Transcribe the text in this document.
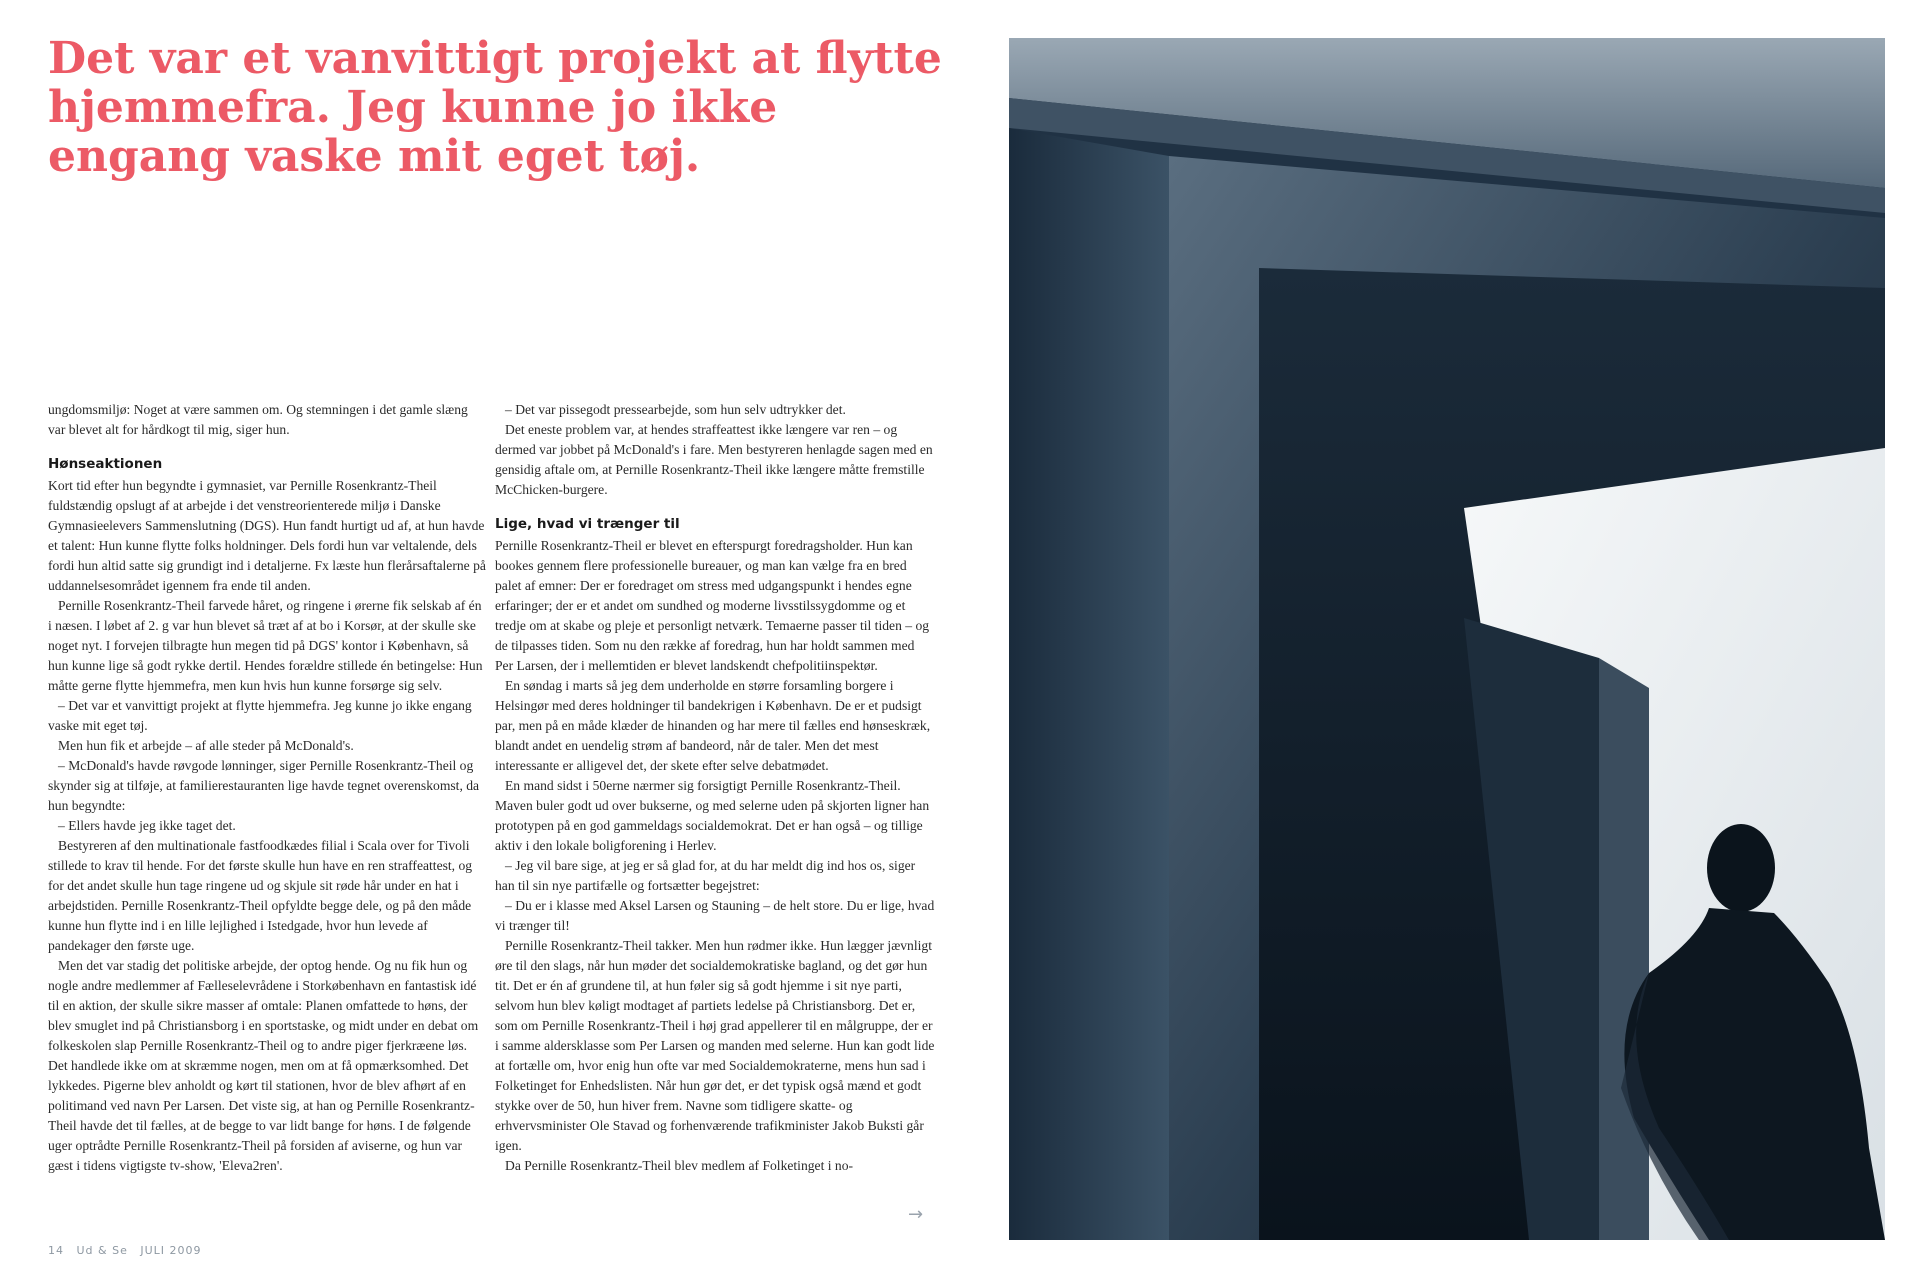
Det var et vanvittigt projekt at flytte hjemmefra. Jeg kunne jo ikke engang vaske mit eget tøj.

ungdomsmiljø: Noget at være sammen om. Og stemningen i det gamle slæng var blevet alt for hårdkogt til mig, siger hun.

Hønseaktionen

Kort tid efter hun begyndte i gymnasiet, var Pernille Rosenkrantz-Theil fuldstændig opslugt af at arbejde i det venstreorienterede miljø i Danske Gymnasieelevers Sammenslutning (DGS). Hun fandt hurtigt ud af, at hun havde et talent: Hun kunne flytte folks holdninger. Dels fordi hun var veltalende, dels fordi hun altid satte sig grundigt ind i detaljerne. Fx læste hun flerårsaftalerne på uddannelsesområdet igennem fra ende til anden.

Pernille Rosenkrantz-Theil farvede håret, og ringene i ørerne fik selskab af én i næsen. I løbet af 2. g var hun blevet så træt af at bo i Korsør, at der skulle ske noget nyt. I forvejen tilbragte hun megen tid på DGS' kontor i København, så hun kunne lige så godt rykke dertil. Hendes forældre stillede én betingelse: Hun måtte gerne flytte hjemmefra, men kun hvis hun kunne forsørge sig selv.

– Det var et vanvittigt projekt at flytte hjemmefra. Jeg kunne jo ikke engang vaske mit eget tøj.

Men hun fik et arbejde – af alle steder på McDonald's.

– McDonald's havde røvgode lønninger, siger Pernille Rosenkrantz-Theil og skynder sig at tilføje, at familierestauranten lige havde tegnet overenskomst, da hun begyndte:

– Ellers havde jeg ikke taget det.

Bestyreren af den multinationale fastfoodkædes filial i Scala over for Tivoli stillede to krav til hende. For det første skulle hun have en ren straffeattest, og for det andet skulle hun tage ringene ud og skjule sit røde hår under en hat i arbejdstiden. Pernille Rosenkrantz-Theil opfyldte begge dele, og på den måde kunne hun flytte ind i en lille lejlighed i Istedgade, hvor hun levede af pandekager den første uge.

Men det var stadig det politiske arbejde, der optog hende. Og nu fik hun og nogle andre medlemmer af Fælleselevrådene i Storkøbenhavn en fantastisk idé til en aktion, der skulle sikre masser af omtale: Planen omfattede to høns, der blev smuglet ind på Christiansborg i en sportstaske, og midt under en debat om folkeskolen slap Pernille Rosenkrantz-Theil og to andre piger fjerkræene løs. Det handlede ikke om at skræmme nogen, men om at få opmærksomhed. Det lykkedes. Pigerne blev anholdt og kørt til stationen, hvor de blev afhørt af en politimand ved navn Per Larsen. Det viste sig, at han og Pernille Rosenkrantz-Theil havde det til fælles, at de begge to var lidt bange for høns. I de følgende uger optrådte Pernille Rosenkrantz-Theil på forsiden af aviserne, og hun var gæst i tidens vigtigste tv-show, 'Eleva2ren'.

– Det var pissegodt pressearbejde, som hun selv udtrykker det.

Det eneste problem var, at hendes straffeattest ikke længere var ren – og dermed var jobbet på McDonald's i fare. Men bestyreren henlagde sagen med en gensidig aftale om, at Pernille Rosenkrantz-Theil ikke længere måtte fremstille McChicken-burgere.

Lige, hvad vi trænger til

Pernille Rosenkrantz-Theil er blevet en efterspurgt foredragsholder. Hun kan bookes gennem flere professionelle bureauer, og man kan vælge fra en bred palet af emner: Der er foredraget om stress med udgangspunkt i hendes egne erfaringer; der er et andet om sundhed og moderne livsstilssygdomme og et tredje om at skabe og pleje et personligt netværk. Temaerne passer til tiden – og de tilpasses tiden. Som nu den række af foredrag, hun har holdt sammen med Per Larsen, der i mellemtiden er blevet landskendt chefpolitiinspektør.

En søndag i marts så jeg dem underholde en større forsamling borgere i Helsingør med deres holdninger til bandekrigen i København. De er et pudsigt par, men på en måde klæder de hinanden og har mere til fælles end hønseskræk, blandt andet en uendelig strøm af bandeord, når de taler. Men det mest interessante er alligevel det, der skete efter selve debatmødet.

En mand sidst i 50erne nærmer sig forsigtigt Pernille Rosenkrantz-Theil. Maven buler godt ud over bukserne, og med selerne uden på skjorten ligner han prototypen på en god gammeldags socialdemokrat. Det er han også – og tillige aktiv i den lokale boligforening i Herlev.

– Jeg vil bare sige, at jeg er så glad for, at du har meldt dig ind hos os, siger han til sin nye partifælle og fortsætter begejstret:

– Du er i klasse med Aksel Larsen og Stauning – de helt store. Du er lige, hvad vi trænger til!

Pernille Rosenkrantz-Theil takker. Men hun rødmer ikke. Hun lægger jævnligt øre til den slags, når hun møder det socialdemokratiske bagland, og det gør hun tit. Det er én af grundene til, at hun føler sig så godt hjemme i sit nye parti, selvom hun blev køligt modtaget af partiets ledelse på Christiansborg. Det er, som om Pernille Rosenkrantz-Theil i høj grad appellerer til en målgruppe, der er i samme aldersklasse som Per Larsen og manden med selerne. Hun kan godt lide at fortælle om, hvor enig hun ofte var med Socialdemokraterne, mens hun sad i Folketinget for Enhedslisten. Når hun gør det, er det typisk også mænd et godt stykke over de 50, hun hiver frem. Navne som tidligere skatte- og erhvervsminister Ole Stavad og forhenværende trafikminister Jakob Buksti går igen.

Da Pernille Rosenkrantz-Theil blev medlem af Folketinget i no-

→
14 Ud & Se JULI 2009
